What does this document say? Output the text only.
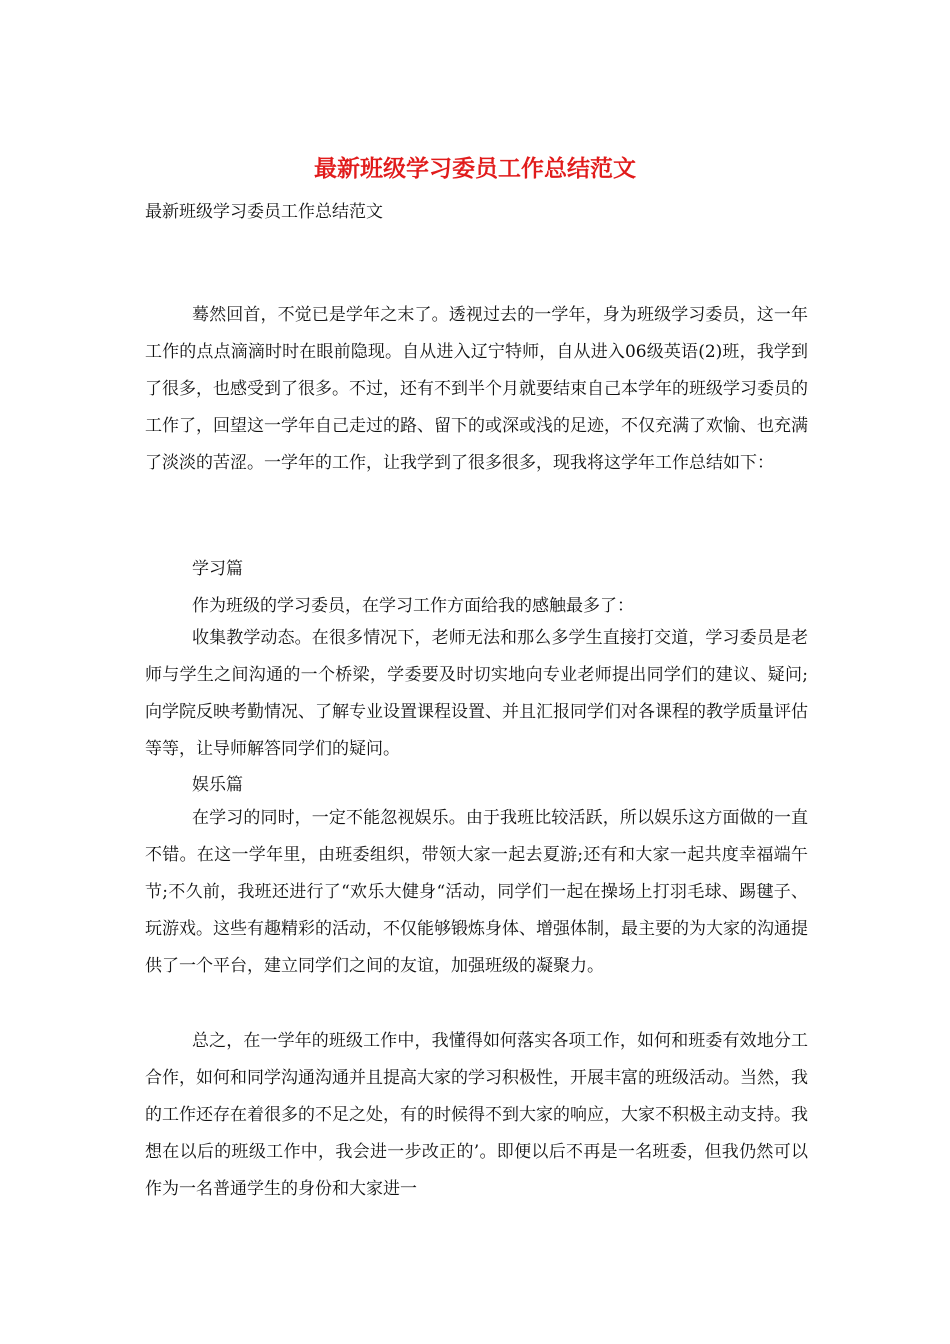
最新班级学习委员工作总结范文

最新班级学习委员工作总结范文

蓦然回首，不觉已是学年之末了。透视过去的一学年，身为班级学习委员，这一年工作的点点滴滴时时在眼前隐现。自从进入辽宁特师，自从进入06级英语(2)班，我学到了很多，也感受到了很多。不过，还有不到半个月就要结束自己本学年的班级学习委员的工作了，回望这一学年自己走过的路、留下的或深或浅的足迹，不仅充满了欢愉、也充满了淡淡的苦涩。一学年的工作，让我学到了很多很多，现我将这学年工作总结如下：

学习篇

作为班级的学习委员，在学习工作方面给我的感触最多了：

收集教学动态。在很多情况下，老师无法和那么多学生直接打交道，学习委员是老师与学生之间沟通的一个桥梁，学委要及时切实地向专业老师提出同学们的建议、疑问;向学院反映考勤情况、了解专业设置课程设置、并且汇报同学们对各课程的教学质量评估等等，让导师解答同学们的疑问。

娱乐篇

在学习的同时，一定不能忽视娱乐。由于我班比较活跃，所以娱乐这方面做的一直不错。在这一学年里，由班委组织，带领大家一起去夏游;还有和大家一起共度幸福端午节;不久前，我班还进行了“欢乐大健身“活动，同学们一起在操场上打羽毛球、踢毽子、玩游戏。这些有趣精彩的活动，不仅能够锻炼身体、增强体制，最主要的为大家的沟通提供了一个平台，建立同学们之间的友谊，加强班级的凝聚力。

总之，在一学年的班级工作中，我懂得如何落实各项工作，如何和班委有效地分工合作，如何和同学沟通沟通并且提高大家的学习积极性，开展丰富的班级活动。当然，我的工作还存在着很多的不足之处，有的时候得不到大家的响应，大家不积极主动支持。我想在以后的班级工作中，我会进一步改正的’。即便以后不再是一名班委，但我仍然可以作为一名普通学生的身份和大家进一
